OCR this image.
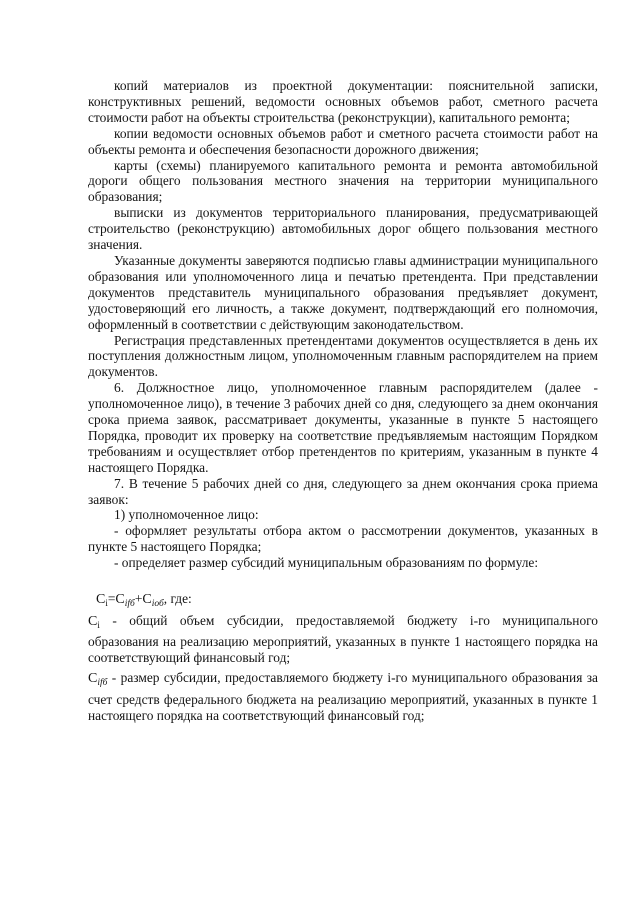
копий материалов из проектной документации: пояснительной записки, конструктивных решений, ведомости основных объемов работ, сметного расчета стоимости работ на объекты строительства (реконструкции), капитального ремонта;

копии ведомости основных объемов работ и сметного расчета стоимости работ на объекты ремонта и обеспечения безопасности дорожного движения;

карты (схемы) планируемого капитального ремонта и ремонта автомобильной дороги общего пользования местного значения на территории муниципального образования;

выписки из документов территориального планирования, предусматривающей строительство (реконструкцию) автомобильных дорог общего пользования местного значения.

Указанные документы заверяются подписью главы администрации муниципального образования или уполномоченного лица и печатью претендента. При представлении документов представитель муниципального образования предъявляет документ, удостоверяющий его личность, а также документ, подтверждающий его полномочия, оформленный в соответствии с действующим законодательством.

Регистрация представленных претендентами документов осуществляется в день их поступления должностным лицом, уполномоченным главным распорядителем на прием документов.

6. Должностное лицо, уполномоченное главным распорядителем (далее - уполномоченное лицо), в течение 3 рабочих дней со дня, следующего за днем окончания срока приема заявок, рассматривает документы, указанные в пункте 5 настоящего Порядка, проводит их проверку на соответствие предъявляемым настоящим Порядком требованиям и осуществляет отбор претендентов по критериям, указанным в пункте 4 настоящего Порядка.

7. В течение 5 рабочих дней со дня, следующего за днем окончания срока приема заявок:

1) уполномоченное лицо:

- оформляет результаты отбора актом о рассмотрении документов, указанных в пункте 5 настоящего Порядка;

- определяет размер субсидий муниципальным образованиям по формуле:

$C_i=C_{ifб}+C_{iоб}$, где:

$C_i$ - общий объем субсидии, предоставляемой бюджету i-го муниципального образования на реализацию мероприятий, указанных в пункте 1 настоящего порядка на соответствующий финансовый год;

$C_{ifб}$ - размер субсидии, предоставляемого бюджету i-го муниципального образования за счет средств федерального бюджета на реализацию мероприятий, указанных в пункте 1 настоящего порядка на соответствующий финансовый год;
